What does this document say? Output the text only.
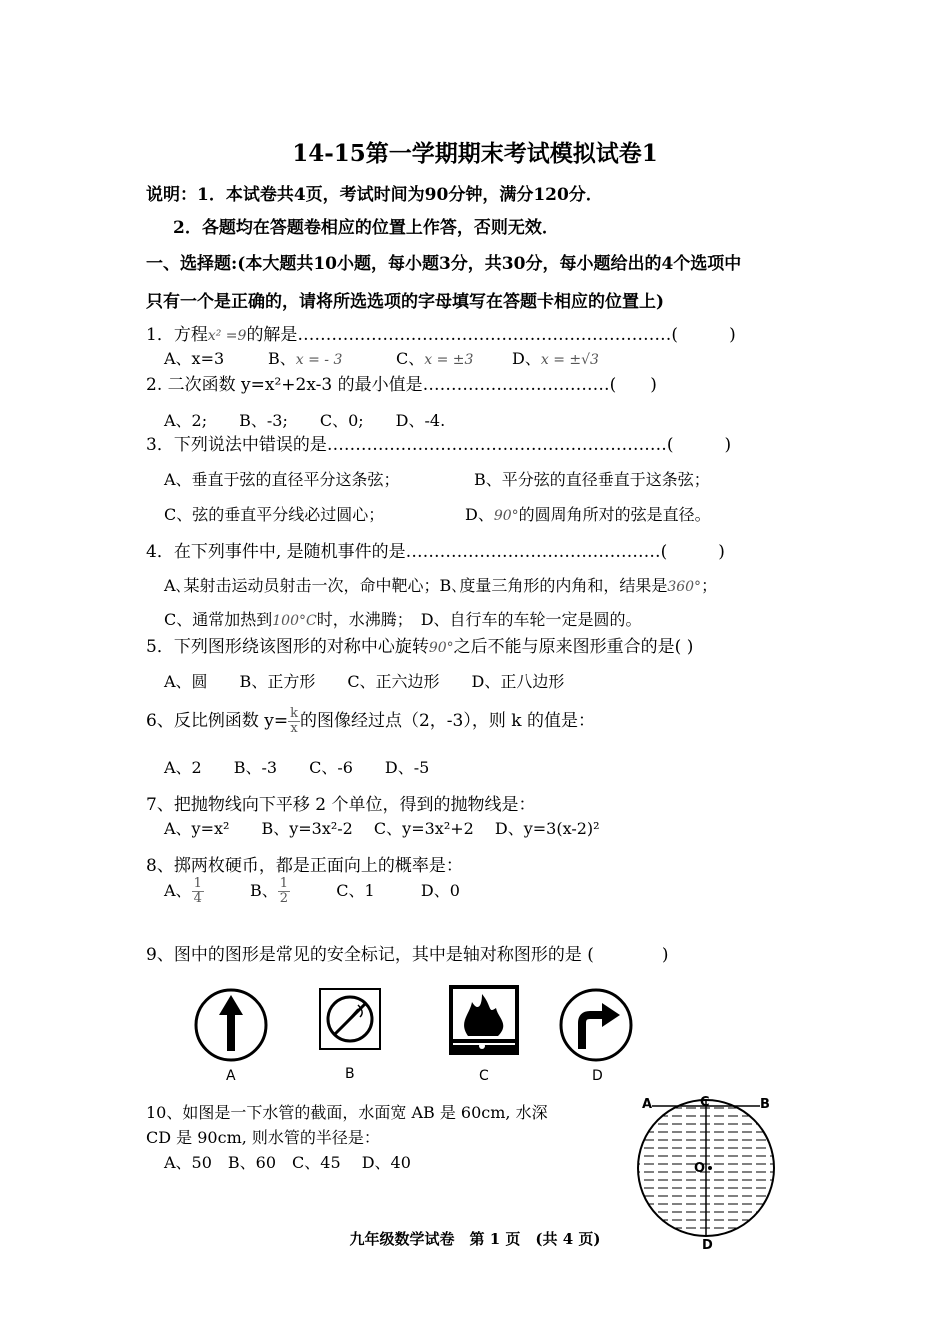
14-15第一学期期末考试模拟试卷1
说明：1．本试卷共4页，考试时间为90分钟，满分120分．
2．各题均在答题卷相应的位置上作答，否则无效．
一、选择题:(本大题共10小题，每小题3分，共30分，每小题给出的4个选项中
只有一个是正确的，请将所选选项的字母填写在答题卡相应的位置上)
1．方程x² =9的解是…………………………………………………………(　　　)
A、x=3	B、x = - 3	C、x = ±3 D、x = ±√3
2. 二次函数 y=x²+2x-3 的最小值是……………………………(　　)
A、2;　　B、-3;　　C、0;　　D、-4.
3．下列说法中错误的是……………………………………………………(　　　)
A、垂直于弦的直径平分这条弦；	B、平分弦的直径垂直于这条弦；
C、弦的垂直平分线必过圆心；	D、90°的圆周角所对的弦是直径。
4．在下列事件中, 是随机事件的是………………………………………(　　　)
A､某射击运动员射击一次，命中靶心；B､度量三角形的内角和，结果是360°；
C、通常加热到100°C时，水沸腾；　D、自行车的车轮一定是圆的。
5．下列图形绕该图形的对称中心旋转90°之后不能与原来图形重合的是( )
A、圆　　B、正方形　　C、正六边形　　D、正八边形
6、反比例函数 $y= \frac{k}{x}$ 的图像经过点（2，-3），则 k 的值是：
A、2　　B、-3　　C、-6　　D、-5
7、把抛物线向下平移 2 个单位，得到的抛物线是：
A、y=x²　　B、y=3x²-2　 C、y=3x²+2　 D、y=3(x-2)²
8、掷两枚硬币，都是正面向上的概率是：
A、 $\frac{1}{4}$	B、 $\frac{1}{2}$	C、1	D、0
9、图中的图形是常见的安全标记，其中是轴对称图形的是 (　　　　)
A	B	C	D
10、如图是一下水管的截面，水面宽 AB 是 60cm, 水深
CD 是 90cm, 则水管的半径是：
A、50　B、60　C、45　 D、40
A	C	B
O
D
九年级数学试卷　第 1 页　(共 4 页)
